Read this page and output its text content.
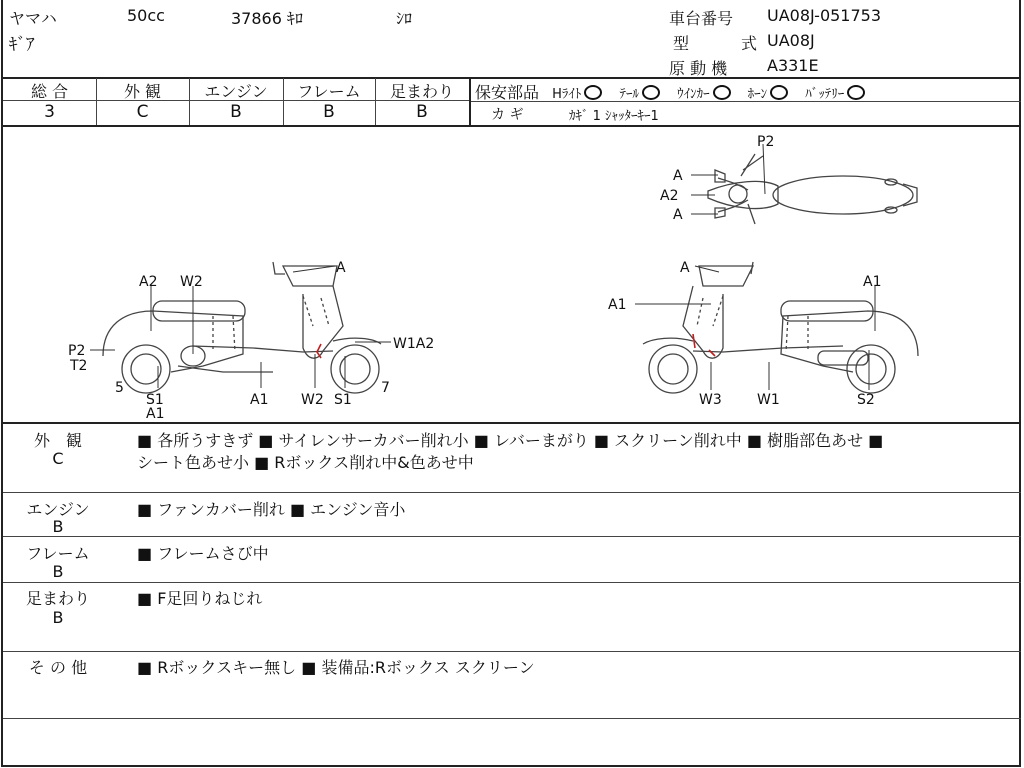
ヤマハ	50cc	37866 ｷﾛ	ｼﾛ
ｷﾞｱ
車台番号 UA08J-051753
型	式 UA08J
原 動 機 A331E
総 合	外 観	エンジン	フレーム	足まわり
3	C	B	B	B
保安部品 Hﾗｲﾄ	ﾃｰﾙ	ｳｲﾝｶｰ	ﾎｰﾝ	ﾊﾞｯﾃﾘｰ
カ ギ	ｶｷﾞ 1 ｼｬｯﾀｰｷｰ1
P2
A
A2
A
A
A2 W2
W1A2
P2
T2
5
S1
A1
A1 W2 S1
7
A
A1
A1
W3	W1	S2
外　観
C
■ 各所うすきず ■ サイレンサーカバー削れ小 ■ レバーまがり ■ スクリーン削れ中 ■ 樹脂部色あせ ■
シート色あせ小 ■ Rボックス削れ中&色あせ中
エンジン
B
■ ファンカバー削れ ■ エンジン音小
フレーム
B
■ フレームさび中
足まわり
B
■ F足回りねじれ
そ の 他	■ Rボックスキー無し ■ 装備品:Rボックス スクリーン
